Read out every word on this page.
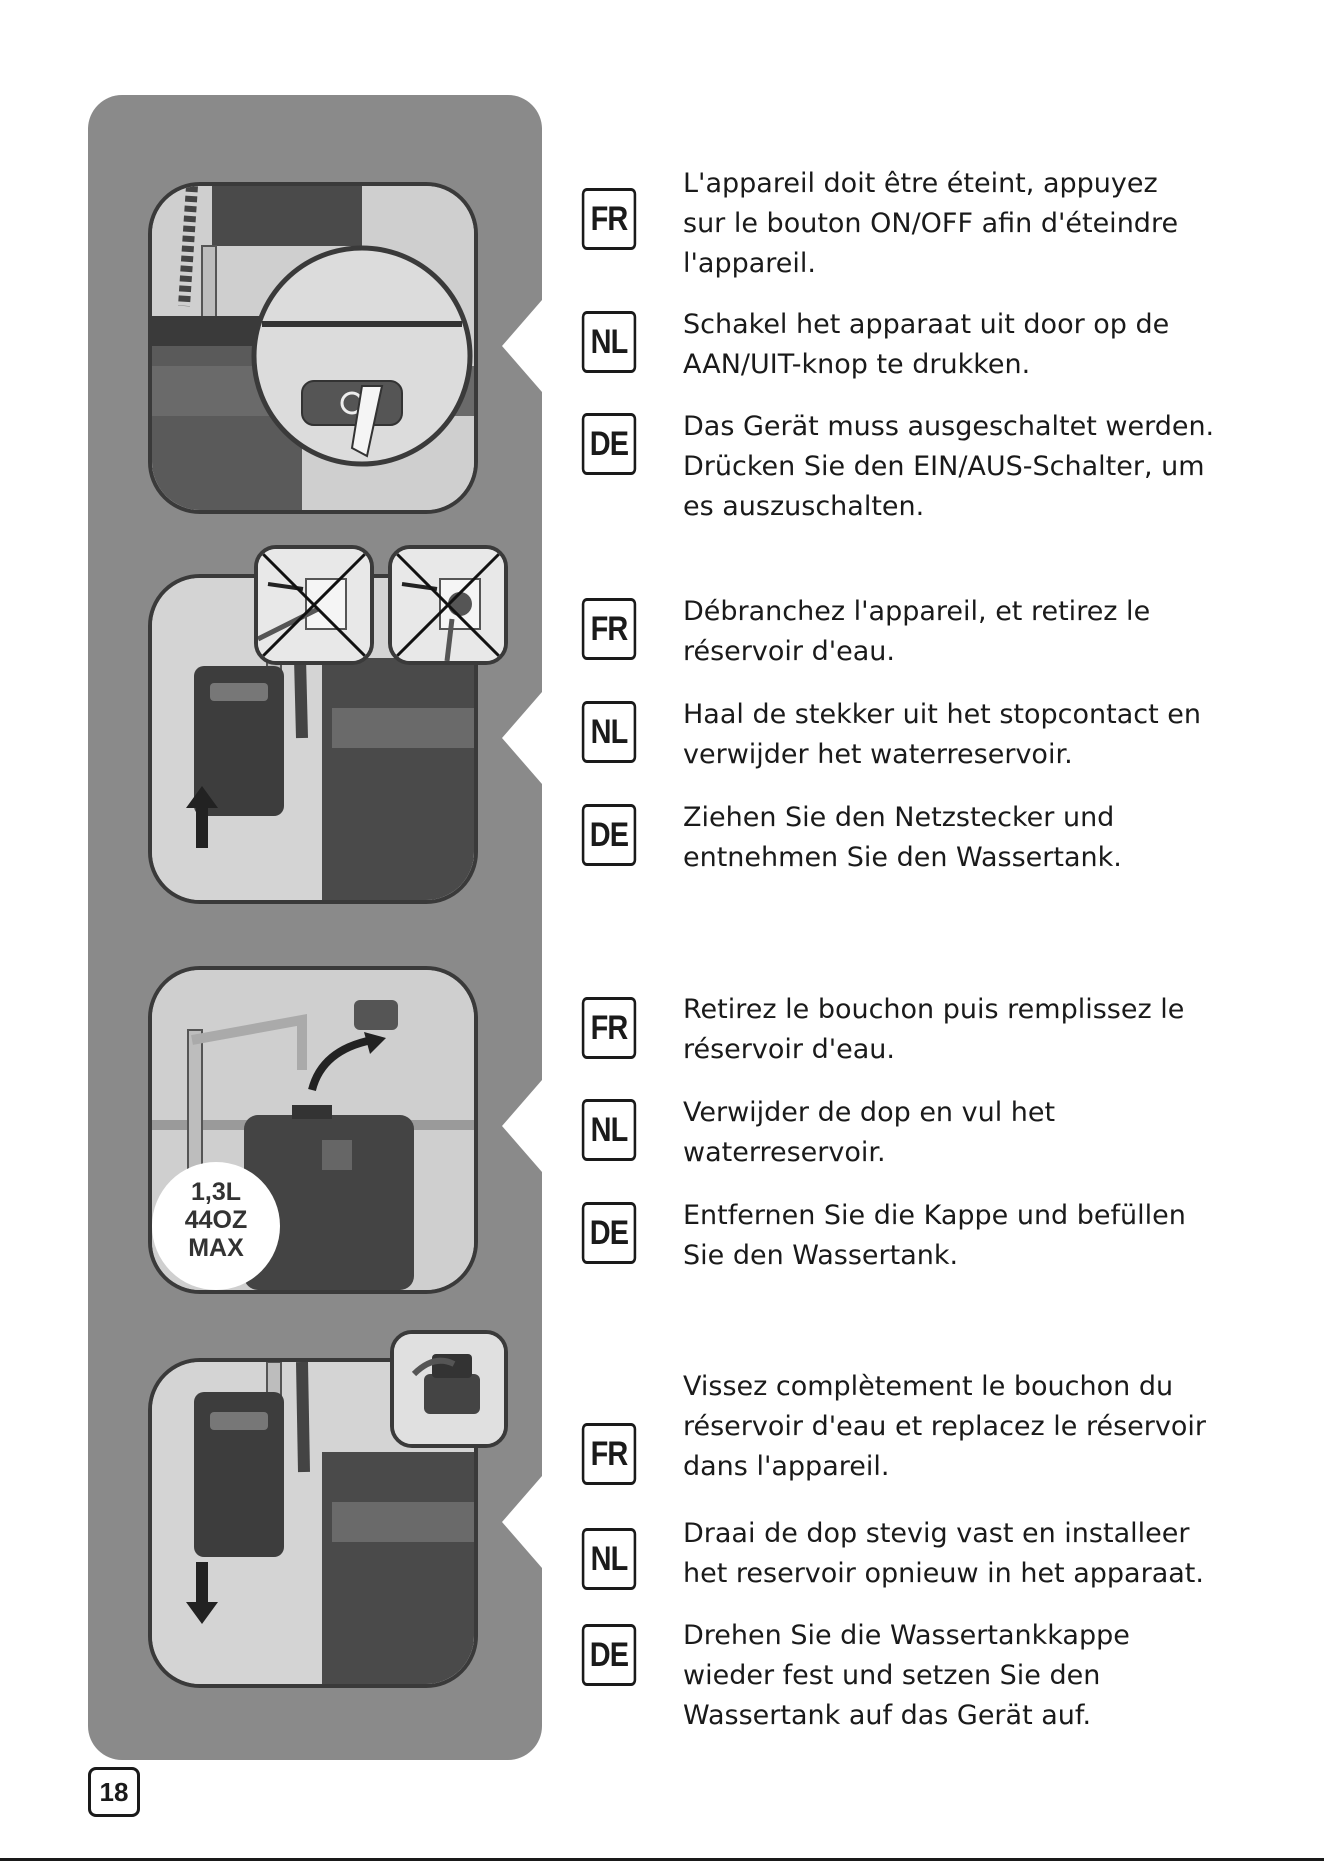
1,3L
44OZ
MAX
FR

L'appareil doit être éteint, appuyez

sur le bouton ON/OFF afin d'éteindre

l'appareil.

NL	Schakel het apparaat uit door op de

AAN/UIT-knop te drukken.

DE Das Gerät muss ausgeschaltet werden.

Drücken Sie den EIN/AUS-Schalter, um

es auszuschalten.

FR	Débranchez l'appareil, et retirez le

réservoir d'eau.

NL	Haal de stekker uit het stopcontact en

verwijder het waterreservoir.

DE Ziehen Sie den Netzstecker und

entnehmen Sie den Wassertank.

FR	Retirez le bouchon puis remplissez le

réservoir d'eau.

NL	Verwijder de dop en vul het

waterreservoir.

DE Entfernen Sie die Kappe und befüllen

Sie den Wassertank.

FR

Vissez complètement le bouchon du

réservoir d'eau et replacez le réservoir

dans l'appareil.

NL

Draai de dop stevig vast en installeer

het reservoir opnieuw in het apparaat.

DE

Drehen Sie die Wassertankkappe

wieder fest und setzen Sie den

Wassertank auf das Gerät auf.

18
